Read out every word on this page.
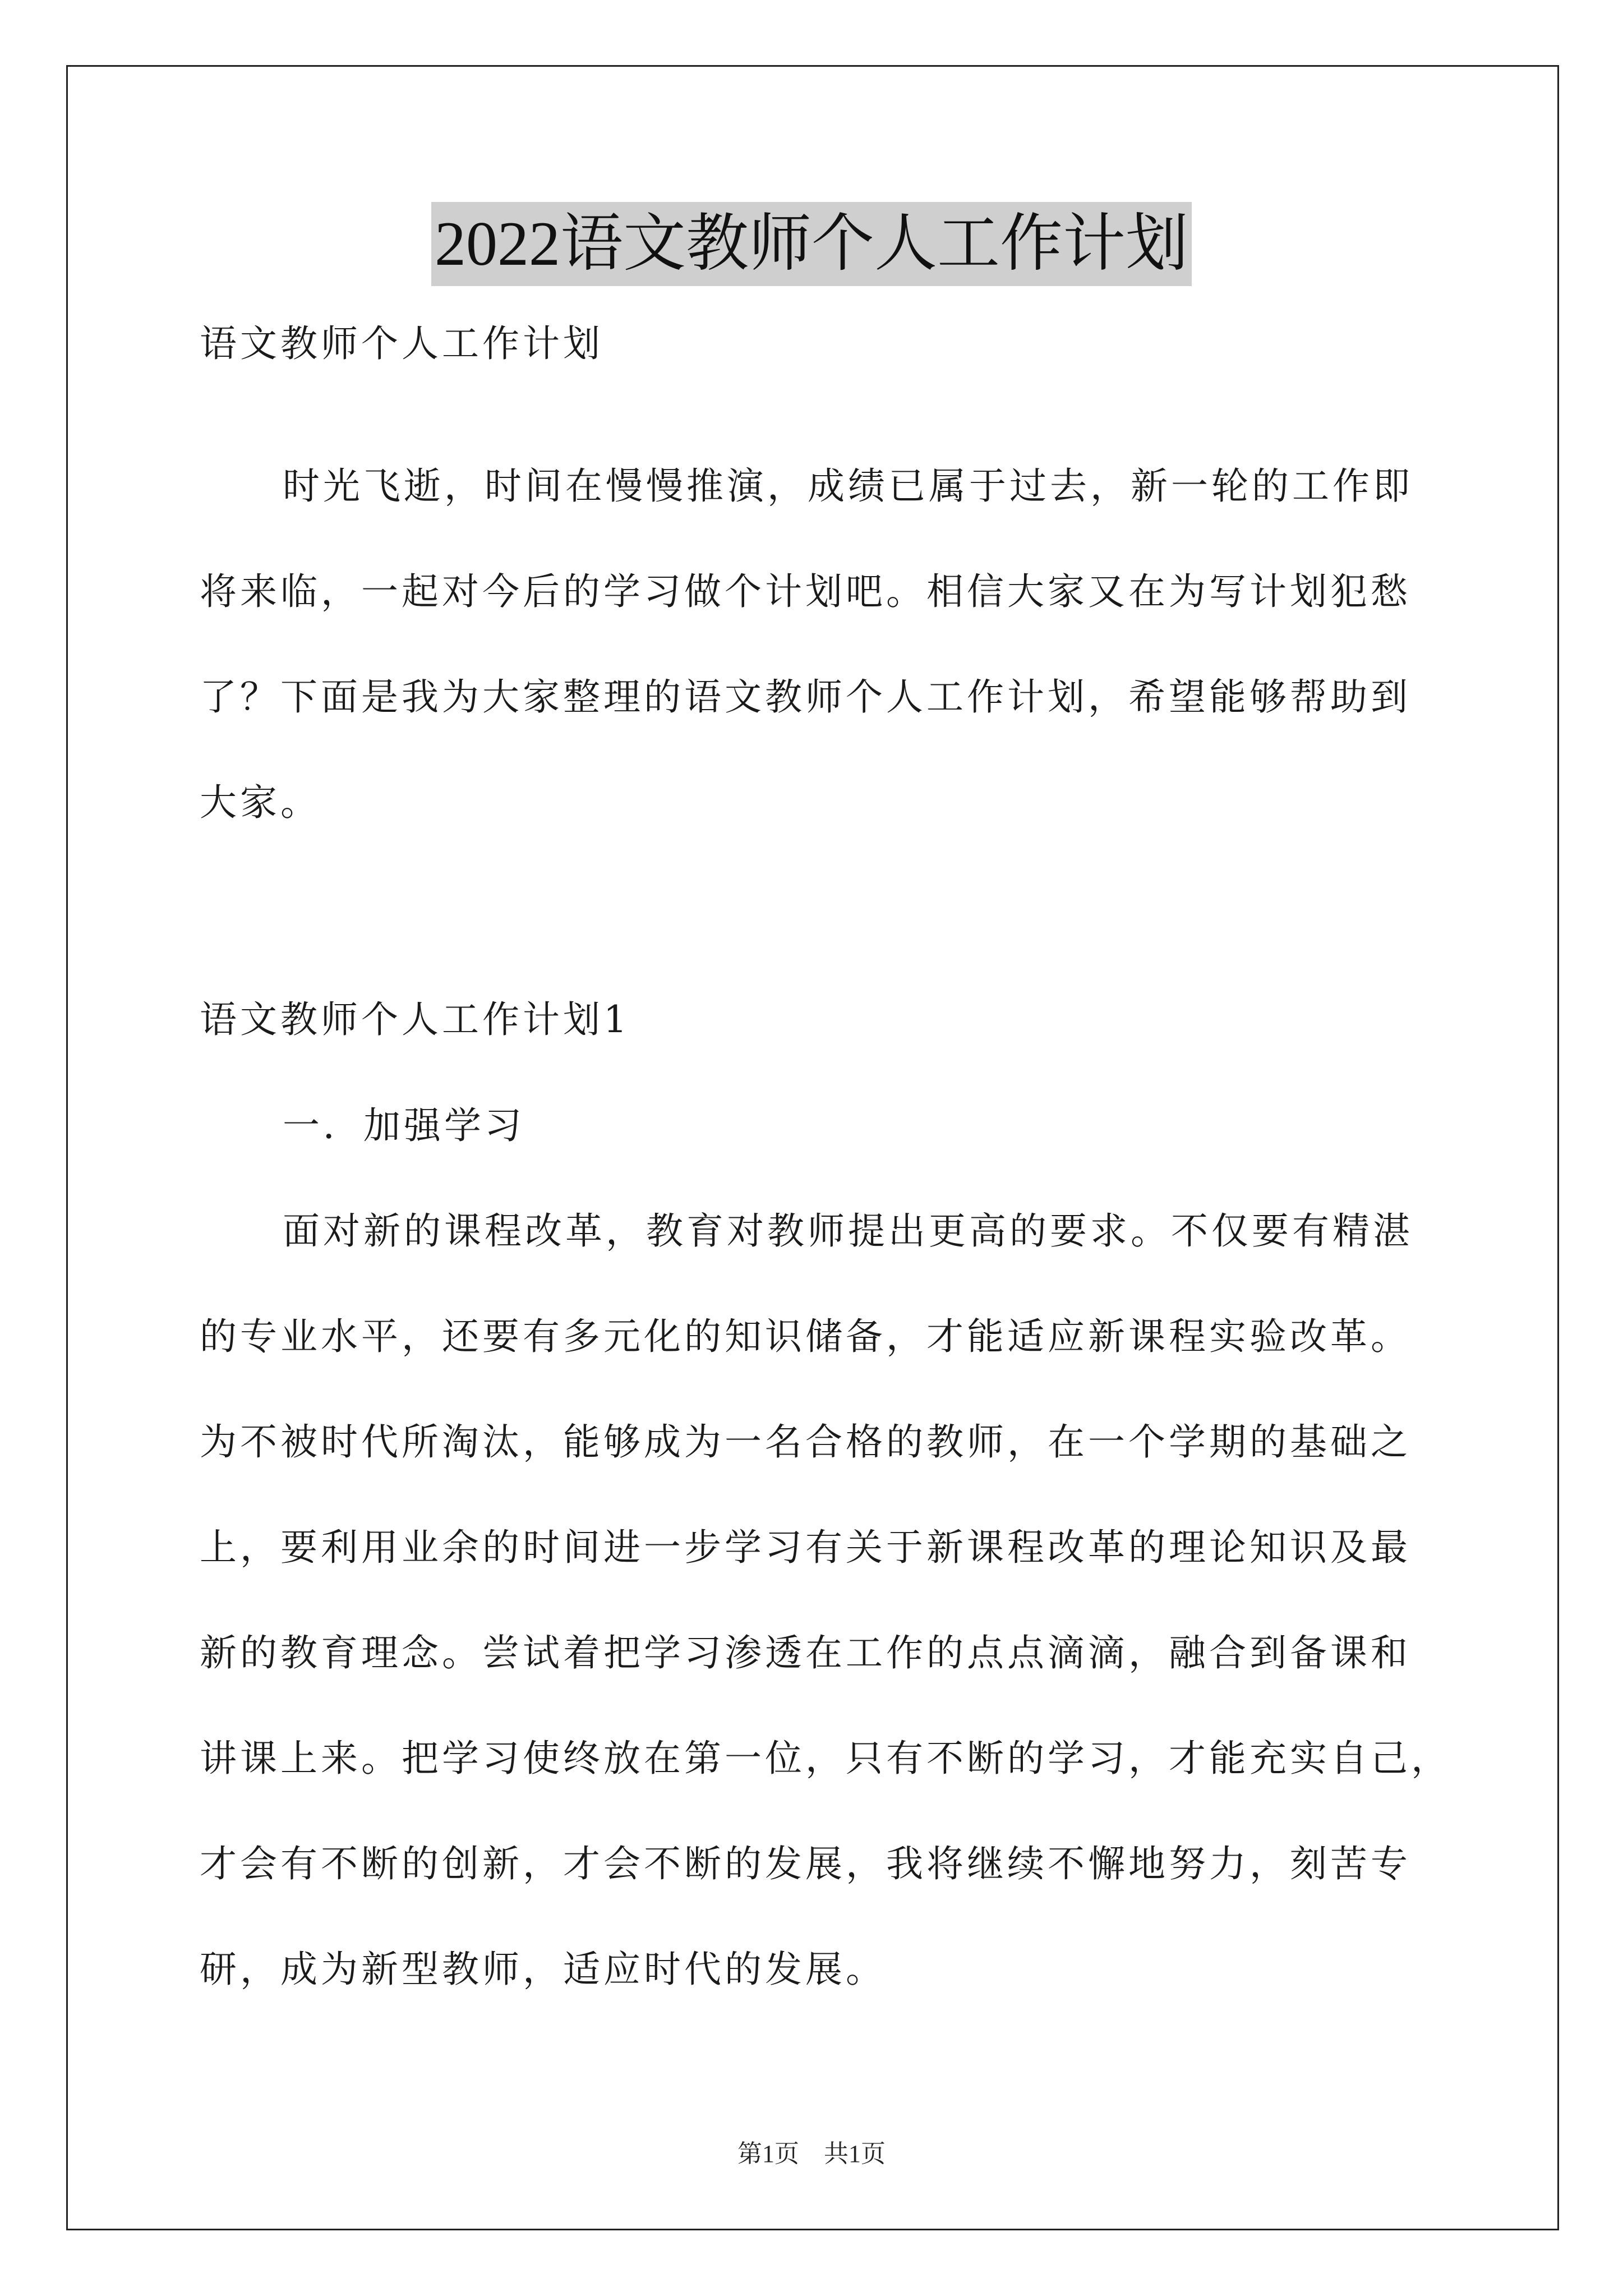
2022语文教师个人工作计划
语文教师个人工作计划
时光飞逝，时间在慢慢推演，成绩已属于过去，新一轮的工作即
将来临，一起对今后的学习做个计划吧。相信大家又在为写计划犯愁
了？下面是我为大家整理的语文教师个人工作计划，希望能够帮助到
大家。
语文教师个人工作计划1
一．加强学习
面对新的课程改革，教育对教师提出更高的要求。不仅要有精湛
的专业水平，还要有多元化的知识储备，才能适应新课程实验改革。
为不被时代所淘汰，能够成为一名合格的教师，在一个学期的基础之
上，要利用业余的时间进一步学习有关于新课程改革的理论知识及最
新的教育理念。尝试着把学习渗透在工作的点点滴滴，融合到备课和
讲课上来。把学习使终放在第一位，只有不断的学习，才能充实自己，
才会有不断的创新，才会不断的发展，我将继续不懈地努力，刻苦专
研，成为新型教师，适应时代的发展。
第1页　共1页
